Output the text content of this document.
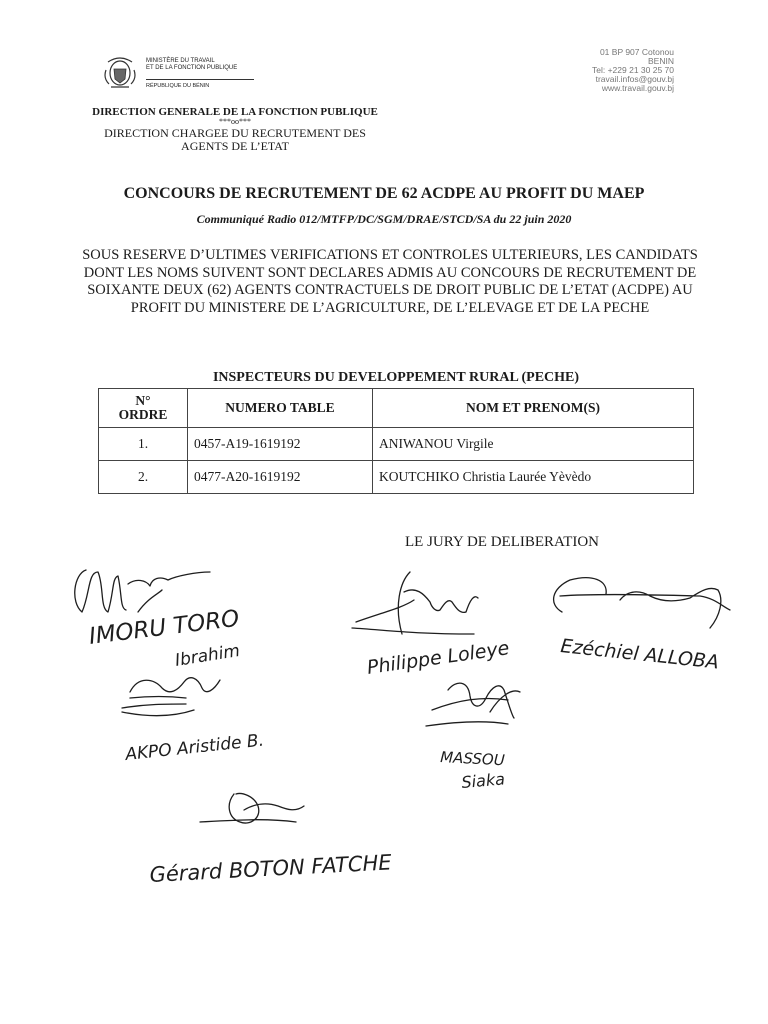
MINISTÈRE DU TRAVAIL
ET DE LA FONCTION PUBLIQUE
RÉPUBLIQUE DU BÉNIN
01 BP 907 Cotonou
BENIN
Tel: +229 21 30 25 70
travail.infos@gouv.bj
www.travail.gouv.bj
DIRECTION GENERALE DE LA FONCTION PUBLIQUE
***oo***
DIRECTION CHARGEE DU RECRUTEMENT DES
AGENTS DE L’ETAT
CONCOURS DE RECRUTEMENT DE 62 ACDPE AU PROFIT DU MAEP
Communiqué Radio 012/MTFP/DC/SGM/DRAE/STCD/SA du 22 juin 2020
SOUS RESERVE D’ULTIMES VERIFICATIONS ET CONTROLES ULTERIEURS, LES CANDIDATS DONT LES NOMS SUIVENT SONT DECLARES ADMIS AU CONCOURS DE RECRUTEMENT DE SOIXANTE DEUX (62) AGENTS CONTRACTUELS DE DROIT PUBLIC DE L’ETAT (ACDPE) AU PROFIT DU MINISTERE DE L’AGRICULTURE, DE L’ELEVAGE ET DE LA PECHE
INSPECTEURS DU DEVELOPPEMENT RURAL (PECHE)
N°
ORDRE	NUMERO TABLE	NOM ET PRENOM(S)
1.	0457-A19-1619192	ANIWANOU Virgile
2.	0477-A20-1619192	KOUTCHIKO Christia Laurée Yèvèdo
LE JURY DE DELIBERATION
IMORU TORO
Ibrahim	Philippe Loleye	Ezéchiel ALLOBA
AKPO Aristide B.	MASSOU
Siaka
Gérard BOTON FATCHE
